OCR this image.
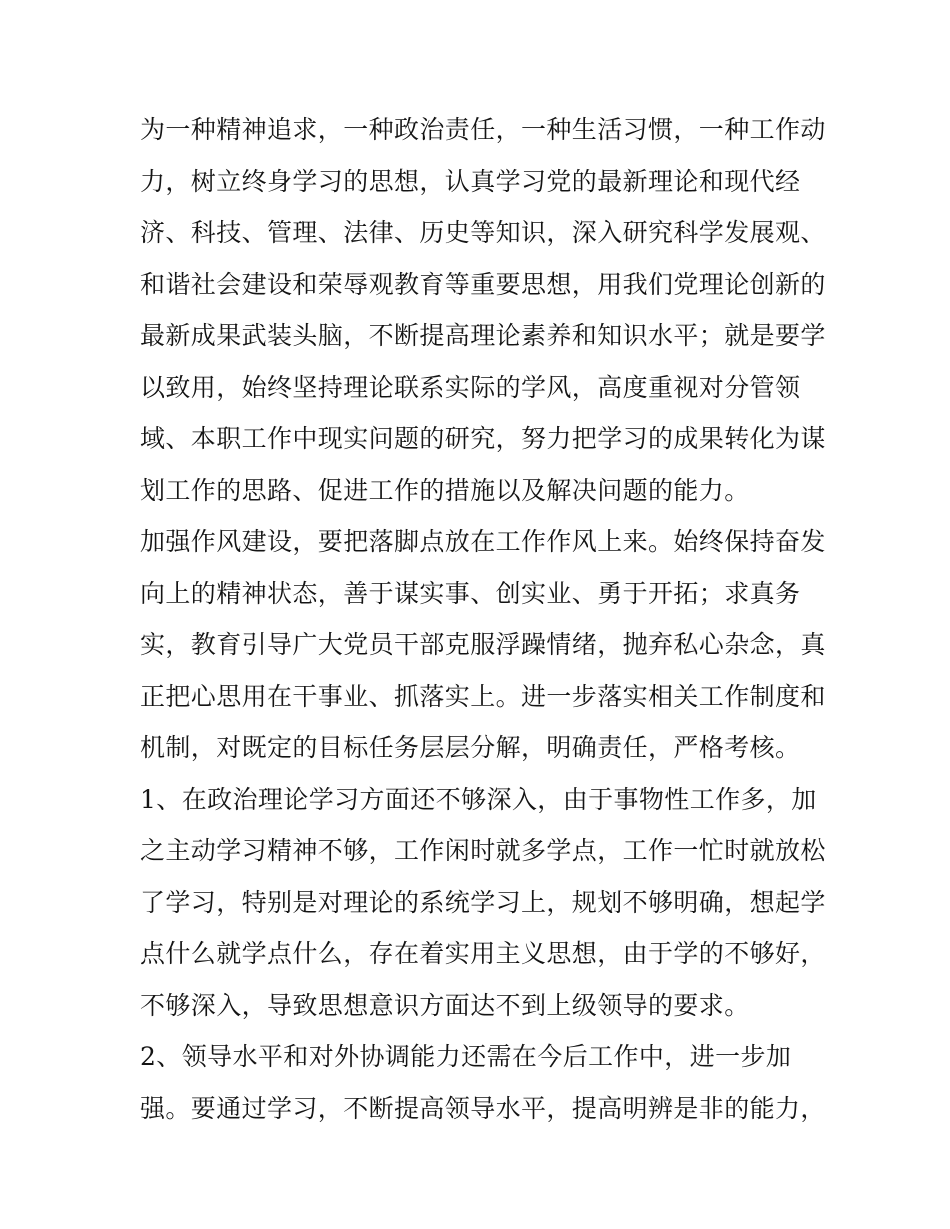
为一种精神追求，一种政治责任，一种生活习惯，一种工作动
力，树立终身学习的思想，认真学习党的最新理论和现代经
济、科技、管理、法律、历史等知识，深入研究科学发展观、
和谐社会建设和荣辱观教育等重要思想，用我们党理论创新的
最新成果武装头脑，不断提高理论素养和知识水平；就是要学
以致用，始终坚持理论联系实际的学风，高度重视对分管领
域、本职工作中现实问题的研究，努力把学习的成果转化为谋
划工作的思路、促进工作的措施以及解决问题的能力。
加强作风建设，要把落脚点放在工作作风上来。始终保持奋发
向上的精神状态，善于谋实事、创实业、勇于开拓；求真务
实，教育引导广大党员干部克服浮躁情绪，抛弃私心杂念，真
正把心思用在干事业、抓落实上。进一步落实相关工作制度和
机制，对既定的目标任务层层分解，明确责任，严格考核。
1、在政治理论学习方面还不够深入，由于事物性工作多，加
之主动学习精神不够，工作闲时就多学点，工作一忙时就放松
了学习，特别是对理论的系统学习上，规划不够明确，想起学
点什么就学点什么，存在着实用主义思想，由于学的不够好，
不够深入，导致思想意识方面达不到上级领导的要求。
2、领导水平和对外协调能力还需在今后工作中，进一步加
强。要通过学习，不断提高领导水平，提高明辨是非的能力，
